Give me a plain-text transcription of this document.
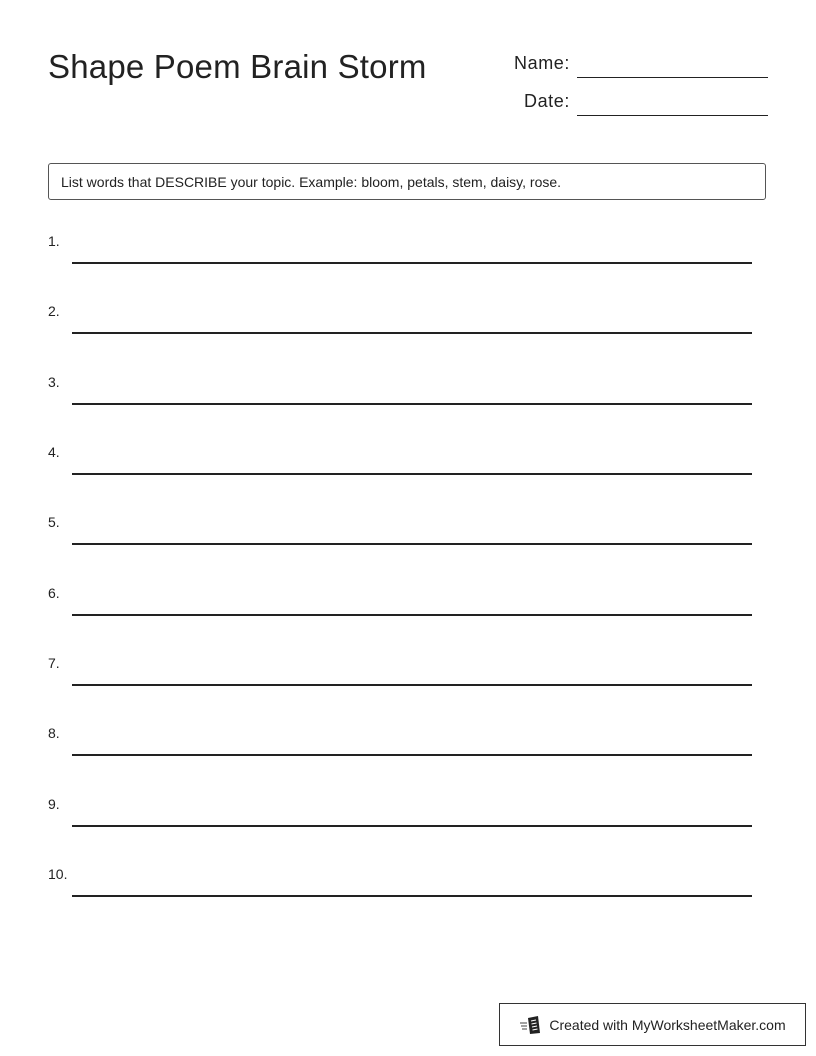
Shape Poem Brain Storm	Name:
Date:
List words that DESCRIBE your topic. Example: bloom, petals, stem, daisy, rose.
1.
2.
3.
4.
5.
6.
7.
8.
9.
10.
Created with MyWorksheetMaker.com
